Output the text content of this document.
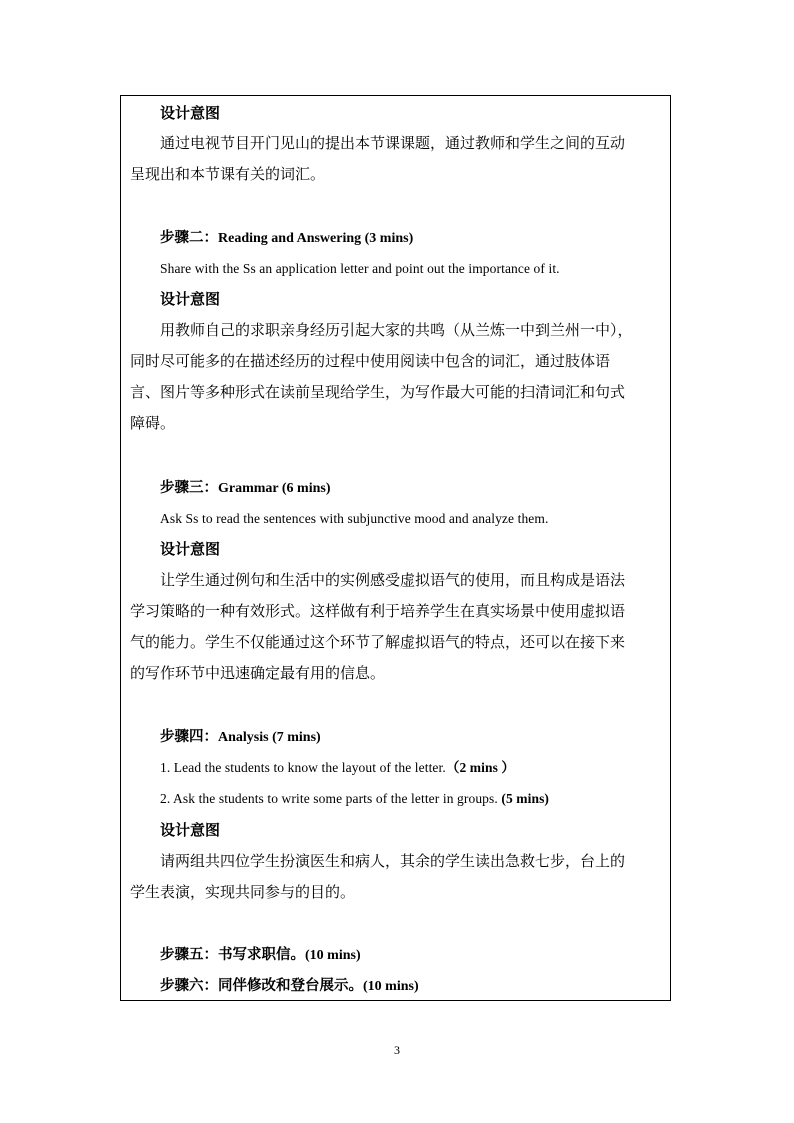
设计意图
通过电视节目开门见山的提出本节课课题，通过教师和学生之间的互动
呈现出和本节课有关的词汇。
步骤二：Reading and Answering (3 mins)
Share with the Ss an application letter and point out the importance of it.
设计意图
用教师自己的求职亲身经历引起大家的共鸣（从兰炼一中到兰州一中），
同时尽可能多的在描述经历的过程中使用阅读中包含的词汇，通过肢体语
言、图片等多种形式在读前呈现给学生，为写作最大可能的扫清词汇和句式
障碍。
步骤三：Grammar (6 mins)
Ask Ss to read the sentences with subjunctive mood and analyze them.
设计意图
让学生通过例句和生活中的实例感受虚拟语气的使用，而且构成是语法
学习策略的一种有效形式。这样做有利于培养学生在真实场景中使用虚拟语
气的能力。学生不仅能通过这个环节了解虚拟语气的特点，还可以在接下来
的写作环节中迅速确定最有用的信息。
步骤四：Analysis (7 mins)
1. Lead the students to know the layout of the letter.（2 mins ）
2. Ask the students to write some parts of the letter in groups. (5 mins)
设计意图
请两组共四位学生扮演医生和病人，其余的学生读出急救七步，台上的
学生表演，实现共同参与的目的。
步骤五：书写求职信。(10 mins)
步骤六：同伴修改和登台展示。(10 mins)
3
